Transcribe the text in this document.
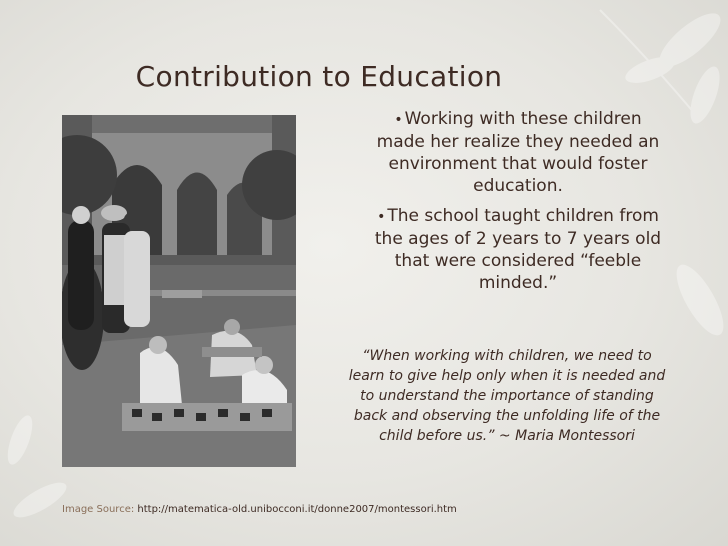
Contribution to Education
• Working with these children made her realize they needed an environment that would foster education.
• The school taught children from the ages of 2 years to 7 years old that were considered “feeble minded.”
“When working with children, we need to learn to give help only when it is needed and to understand the importance of standing back and observing the unfolding life of the child before us.” ~ Maria Montessori
Image Source: http://matematica-old.unibocconi.it/donne2007/montessori.htm
